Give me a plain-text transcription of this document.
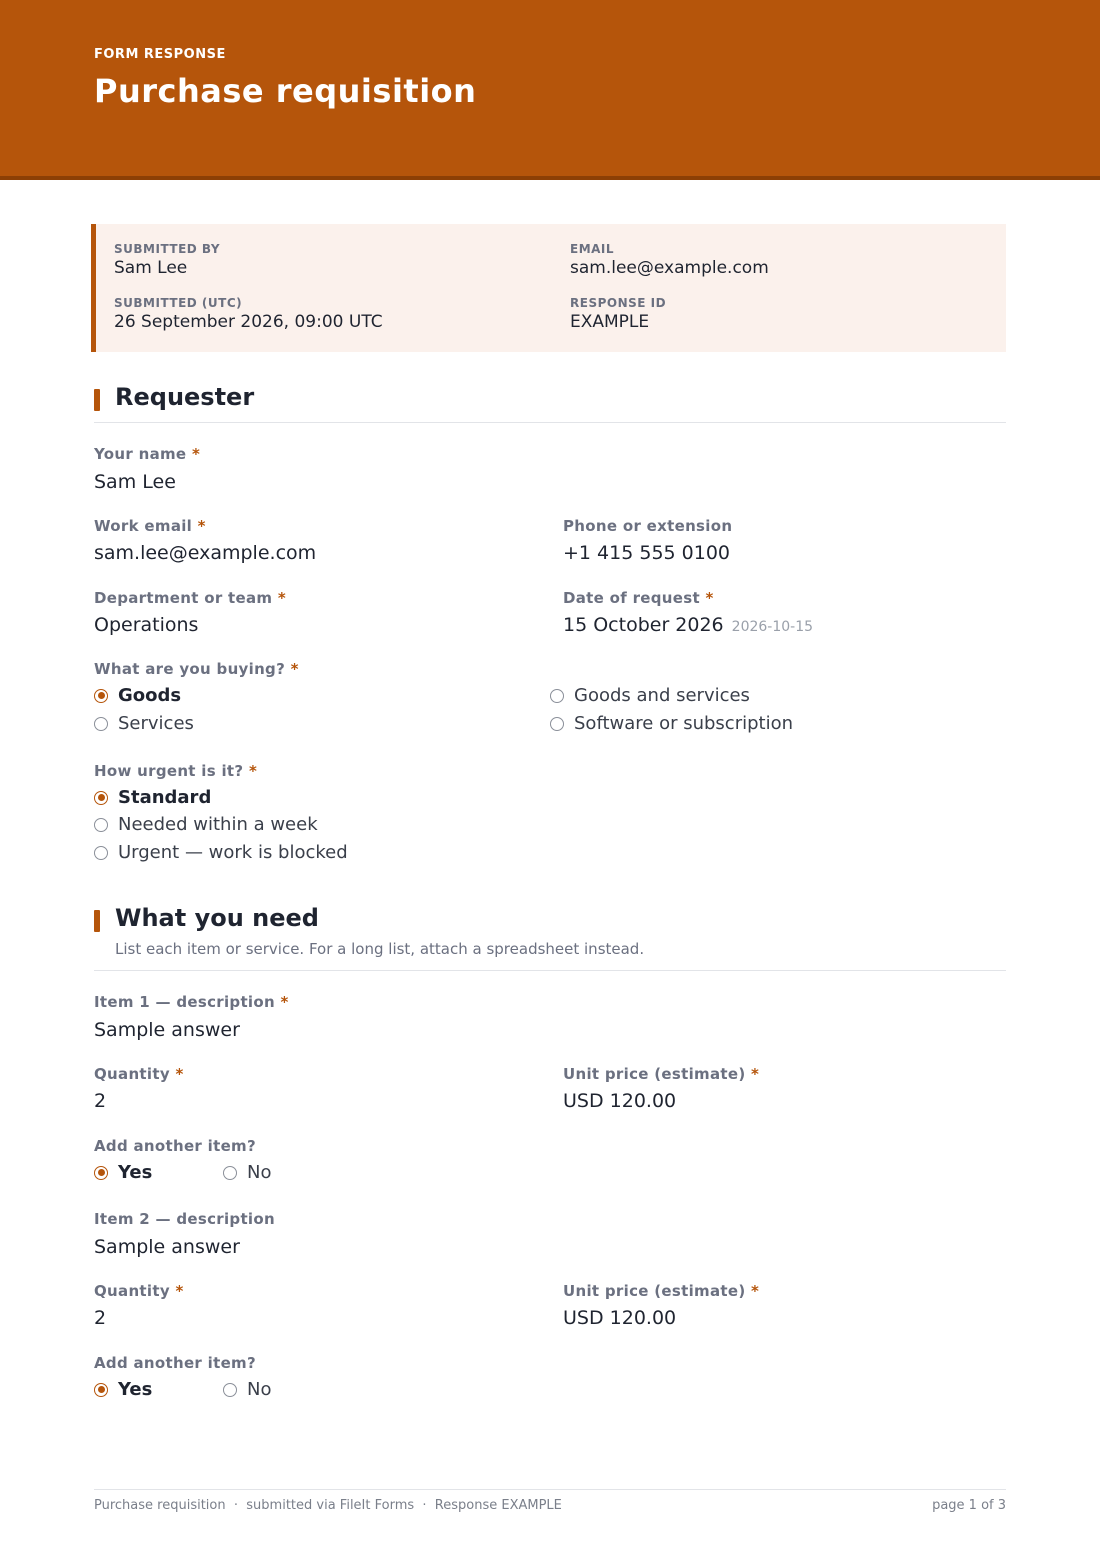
FORM RESPONSE
Purchase requisition
SUBMITTED BY
Sam Lee
EMAIL
sam.lee@example.com
SUBMITTED (UTC)
26 September 2026, 09:00 UTC
RESPONSE ID
EXAMPLE
Requester
Your name *
Sam Lee
Work email *
sam.lee@example.com
Phone or extension
+1 415 555 0100
Department or team *
Operations
Date of request *
15 October 2026 2026-10-15
What are you buying? *
Goods
Services
Goods and services
Software or subscription
How urgent is it? *
Standard
Needed within a week
Urgent — work is blocked
What you need
List each item or service. For a long list, attach a spreadsheet instead.
Item 1 — description *
Sample answer
Quantity *
2
Unit price (estimate) *
USD 120.00
Add another item?
Yes	No
Item 2 — description
Sample answer
Quantity *
2
Unit price (estimate) *
USD 120.00
Add another item?
Yes	No
Purchase requisition  ·  submitted via FileIt Forms  ·  Response EXAMPLE	page 1 of 3
